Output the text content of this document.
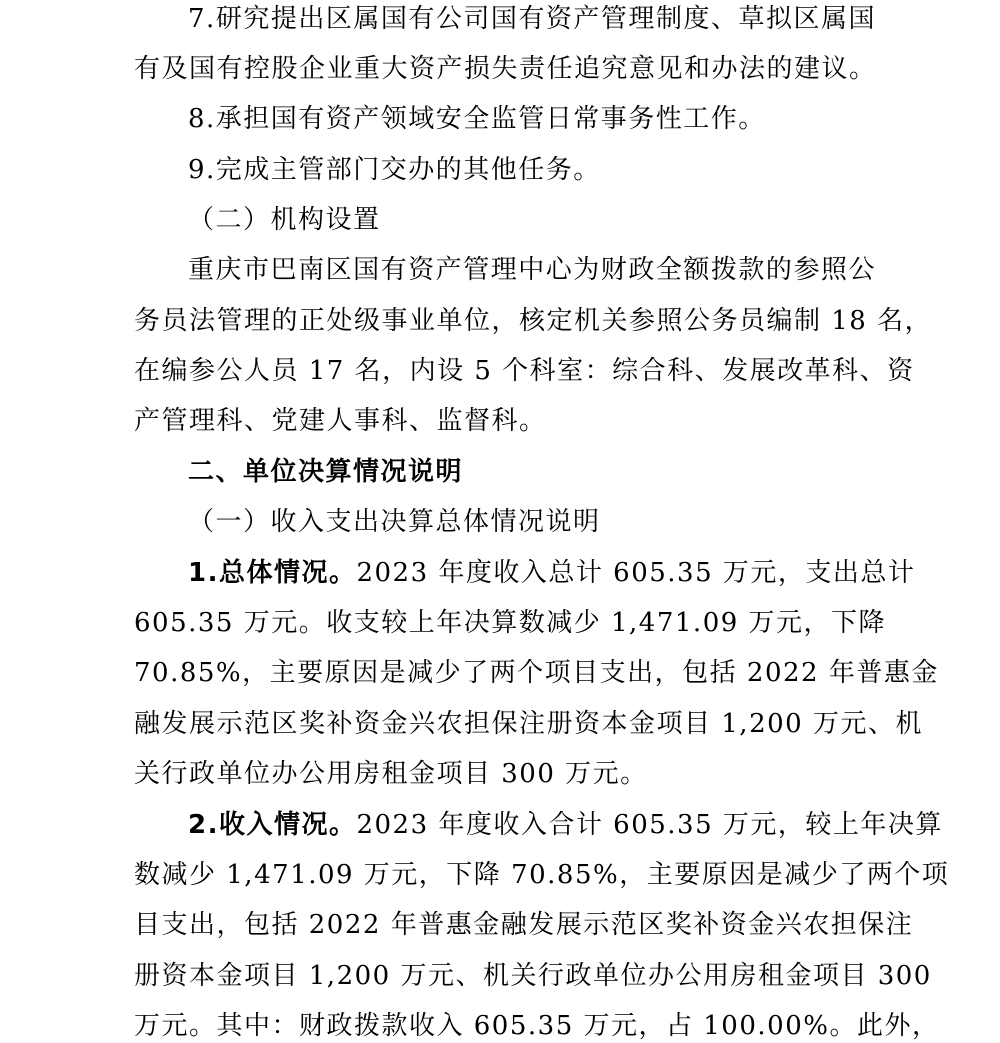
7.研究提出区属国有公司国有资产管理制度、草拟区属国
有及国有控股企业重大资产损失责任追究意见和办法的建议。
8.承担国有资产领域安全监管日常事务性工作。
9.完成主管部门交办的其他任务。
（二）机构设置
重庆市巴南区国有资产管理中心为财政全额拨款的参照公
务员法管理的正处级事业单位，核定机关参照公务员编制 18 名，
在编参公人员 17 名，内设 5 个科室：综合科、发展改革科、资
产管理科、党建人事科、监督科。
二、单位决算情况说明
（一）收入支出决算总体情况说明
1.总体情况。2023 年度收入总计 605.35 万元，支出总计
605.35 万元。收支较上年决算数减少 1,471.09 万元，下降
70.85%，主要原因是减少了两个项目支出，包括 2022 年普惠金
融发展示范区奖补资金兴农担保注册资本金项目 1,200 万元、机
关行政单位办公用房租金项目 300 万元。
2.收入情况。2023 年度收入合计 605.35 万元，较上年决算
数减少 1,471.09 万元，下降 70.85%，主要原因是减少了两个项
目支出，包括 2022 年普惠金融发展示范区奖补资金兴农担保注
册资本金项目 1,200 万元、机关行政单位办公用房租金项目 300
万元。其中：财政拨款收入 605.35 万元，占 100.00%。此外，
